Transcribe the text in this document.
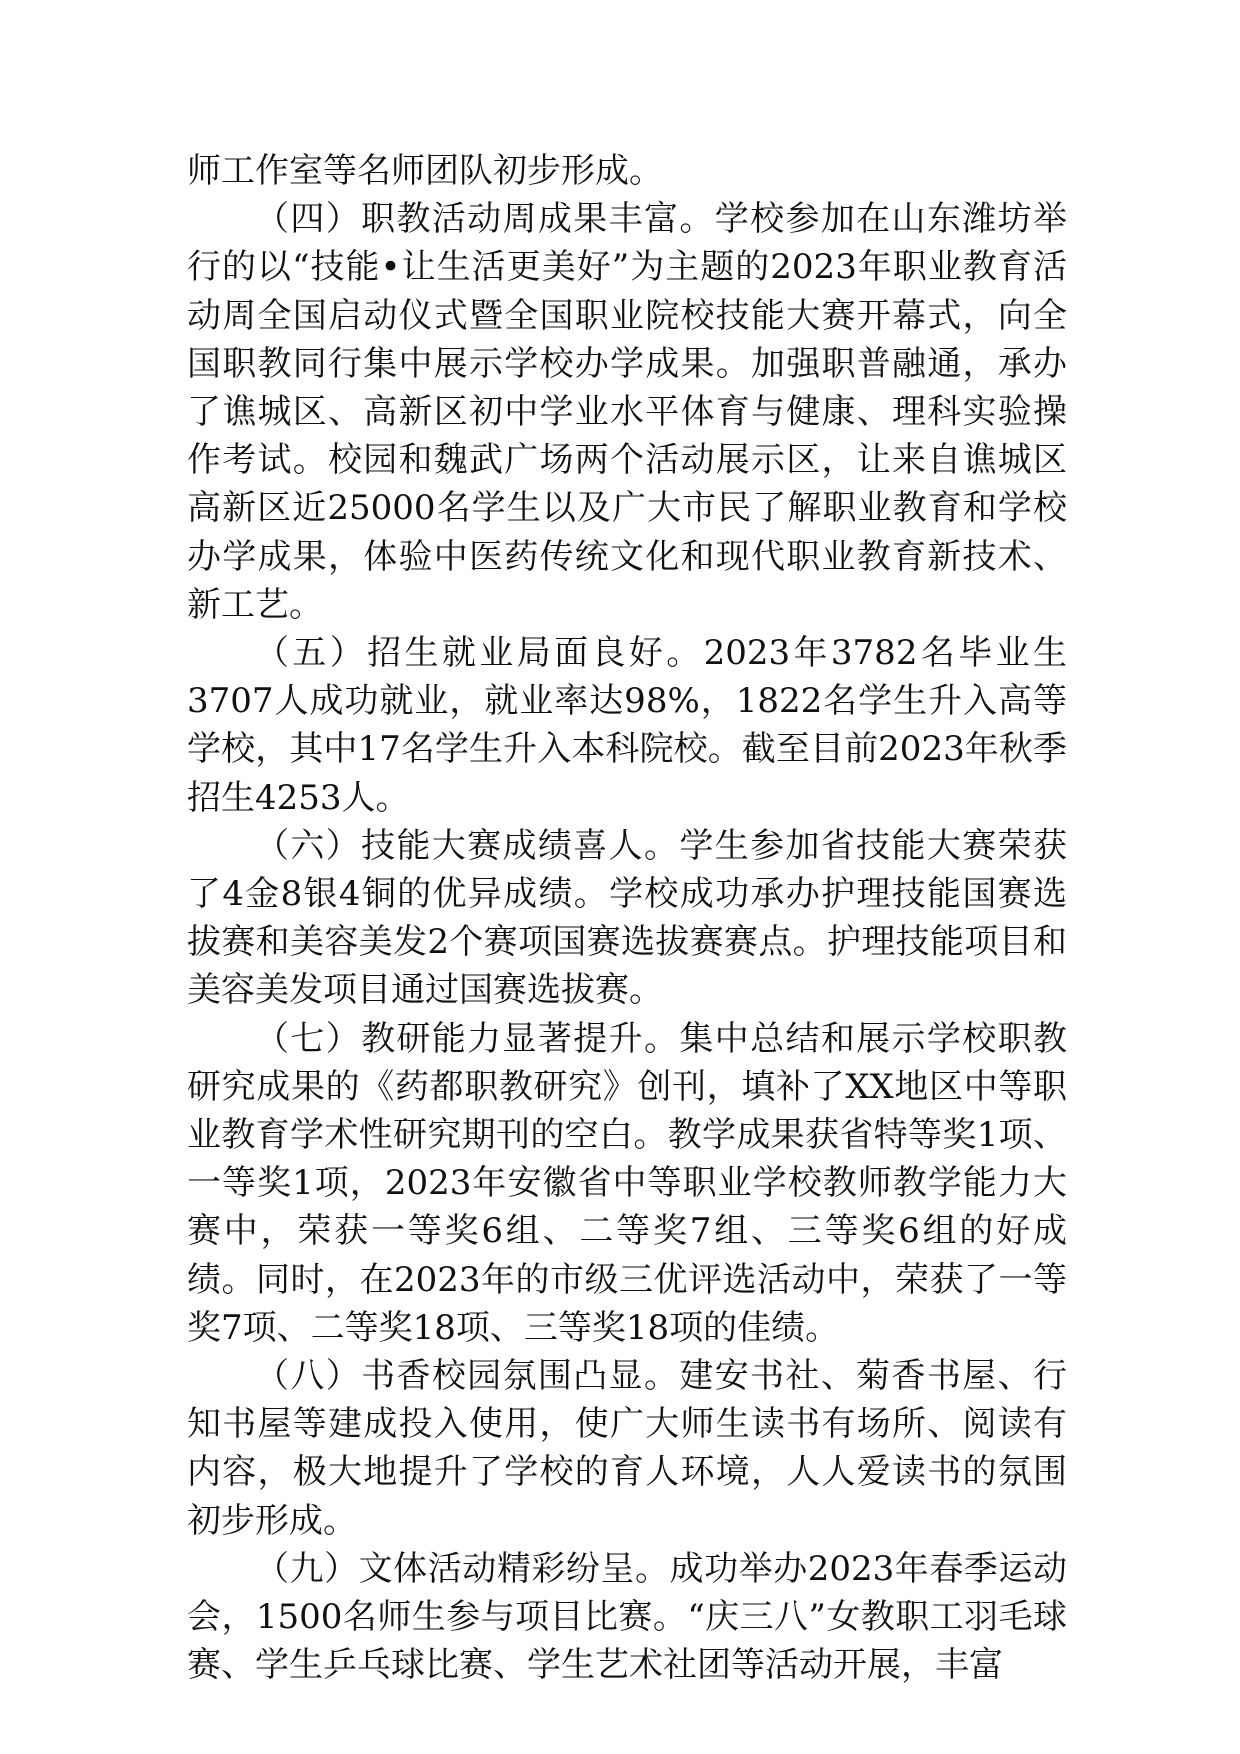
师工作室等名师团队初步形成。

（四）职教活动周成果丰富。学校参加在山东潍坊举行的以“技能•让生活更美好”为主题的2023年职业教育活动周全国启动仪式暨全国职业院校技能大赛开幕式，向全国职教同行集中展示学校办学成果。加强职普融通，承办了谯城区、高新区初中学业水平体育与健康、理科实验操作考试。校园和魏武广场两个活动展示区，让来自谯城区高新区近25000名学生以及广大市民了解职业教育和学校办学成果，体验中医药传统文化和现代职业教育新技术、新工艺。

（五）招生就业局面良好。2023年3782名毕业生3707人成功就业，就业率达98%，1822名学生升入高等学校，其中17名学生升入本科院校。截至目前2023年秋季招生4253人。

（六）技能大赛成绩喜人。学生参加省技能大赛荣获了4金8银4铜的优异成绩。学校成功承办护理技能国赛选拔赛和美容美发2个赛项国赛选拔赛赛点。护理技能项目和美容美发项目通过国赛选拔赛。

（七）教研能力显著提升。集中总结和展示学校职教研究成果的《药都职教研究》创刊，填补了XX地区中等职业教育学术性研究期刊的空白。教学成果获省特等奖1项、一等奖1项，2023年安徽省中等职业学校教师教学能力大赛中，荣获一等奖6组、二等奖7组、三等奖6组的好成绩。同时，在2023年的市级三优评选活动中，荣获了一等奖7项、二等奖18项、三等奖18项的佳绩。

（八）书香校园氛围凸显。建安书社、菊香书屋、行知书屋等建成投入使用，使广大师生读书有场所、阅读有内容，极大地提升了学校的育人环境，人人爱读书的氛围初步形成。

（九）文体活动精彩纷呈。成功举办2023年春季运动会，1500名师生参与项目比赛。“庆三八”女教职工羽毛球赛、学生乒乓球比赛、学生艺术社团等活动开展，丰富
